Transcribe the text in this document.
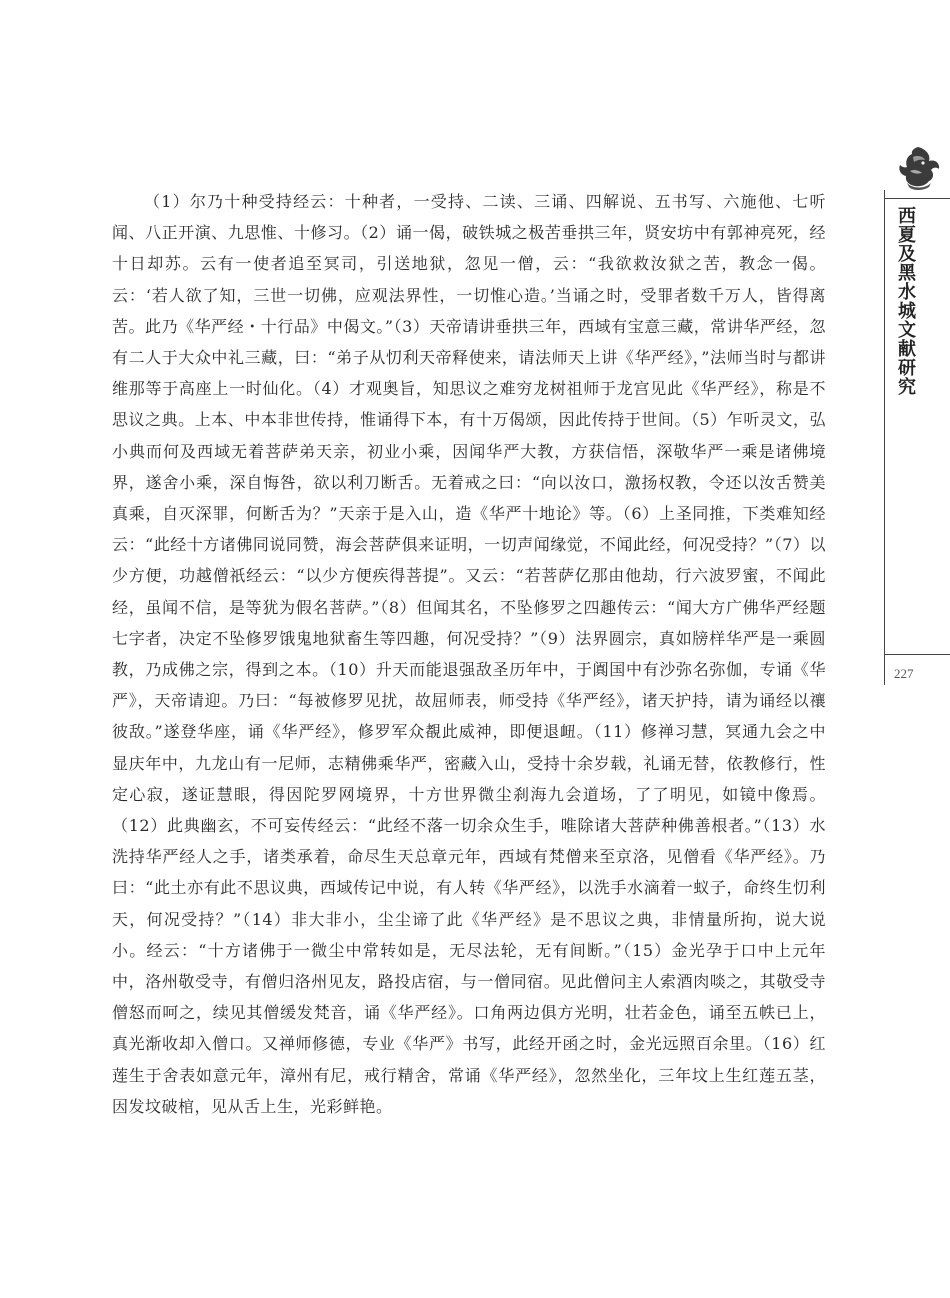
西夏及黑水城文献研究
227

（1）尔乃十种受持经云：十种者，一受持、二读、三诵、四解说、五书写、六施他、七听闻、八正开演、九思惟、十修习。（2）诵一偈，破铁城之极苦垂拱三年，贤安坊中有郭神亮死，经十日却苏。云有一使者追至冥司，引送地狱，忽见一僧，云：“我欲救汝狱之苦，教念一偈。云：‘若人欲了知，三世一切佛，应观法界性，一切惟心造。’当诵之时，受罪者数千万人，皆得离苦。此乃《华严经・十行品》中偈文。”（3）天帝请讲垂拱三年，西域有宝意三藏，常讲华严经，忽有二人于大众中礼三藏，曰：“弟子从忉利天帝释使来，请法师天上讲《华严经》，”法师当时与都讲维那等于高座上一时仙化。（4）才观奥旨，知思议之难穷龙树祖师于龙宫见此《华严经》，称是不思议之典。上本、中本非世传持，惟诵得下本，有十万偈颂，因此传持于世间。（5）乍听灵文，弘小典而何及西域无着菩萨弟天亲，初业小乘，因闻华严大教，方获信悟，深敬华严一乘是诸佛境界，遂舍小乘，深自悔咎，欲以利刀断舌。无着戒之曰：“向以汝口，激扬权教，令还以汝舌赞美真乘，自灭深罪，何断舌为？”天亲于是入山，造《华严十地论》等。（6）上圣同推，下类难知经云：“此经十方诸佛同说同赞，海会菩萨俱来证明，一切声闻缘觉，不闻此经，何况受持？”（7）以少方便，功越僧祇经云：“以少方便疾得菩提”。又云：“若菩萨亿那由他劫，行六波罗蜜，不闻此经，虽闻不信，是等犹为假名菩萨。”（8）但闻其名，不坠修罗之四趣传云：“闻大方广佛华严经题七字者，决定不坠修罗饿鬼地狱畜生等四趣，何况受持？”（9）法界圆宗，真如牓样华严是一乘圆教，乃成佛之宗，得到之本。（10）升天而能退强敌圣历年中，于阗国中有沙弥名弥伽，专诵《华严》，天帝请迎。乃曰：“每被修罗见扰，故屈师表，师受持《华严经》，诸天护持，请为诵经以禳彼敌。”遂登华座，诵《华严经》，修罗军众覩此威神，即便退衄。（11）修禅习慧，冥通九会之中显庆年中，九龙山有一尼师，志精佛乘华严，密藏入山，受持十余岁载，礼诵无替，依教修行，性定心寂，遂证慧眼，得因陀罗网境界，十方世界微尘刹海九会道场，了了明见，如镜中像焉。（12）此典幽玄，不可妄传经云：“此经不落一切余众生手，唯除诸大菩萨种佛善根者。”（13）水洗持华严经人之手，诸类承着，命尽生天总章元年，西域有梵僧来至京洛，见僧看《华严经》。乃曰：“此土亦有此不思议典，西域传记中说，有人转《华严经》，以洗手水滴着一蚁子，命终生忉利天，何况受持？”（14）非大非小，尘尘谛了此《华严经》是不思议之典，非情量所拘，说大说小。经云：“十方诸佛于一微尘中常转如是，无尽法轮，无有间断。”（15）金光孕于口中上元年中，洛州敬受寺，有僧归洛州见友，路投店宿，与一僧同宿。见此僧问主人索酒肉啖之，其敬受寺僧怒而呵之，续见其僧缓发梵音，诵《华严经》。口角两边俱方光明，壮若金色，诵至五帙已上，真光渐收却入僧口。又禅师修德，专业《华严》书写，此经开函之时，金光远照百余里。（16）红莲生于舍表如意元年，漳州有尼，戒行精舍，常诵《华严经》，忽然坐化，三年坟上生红莲五茎，因发坟破棺，见从舌上生，光彩鲜艳。
